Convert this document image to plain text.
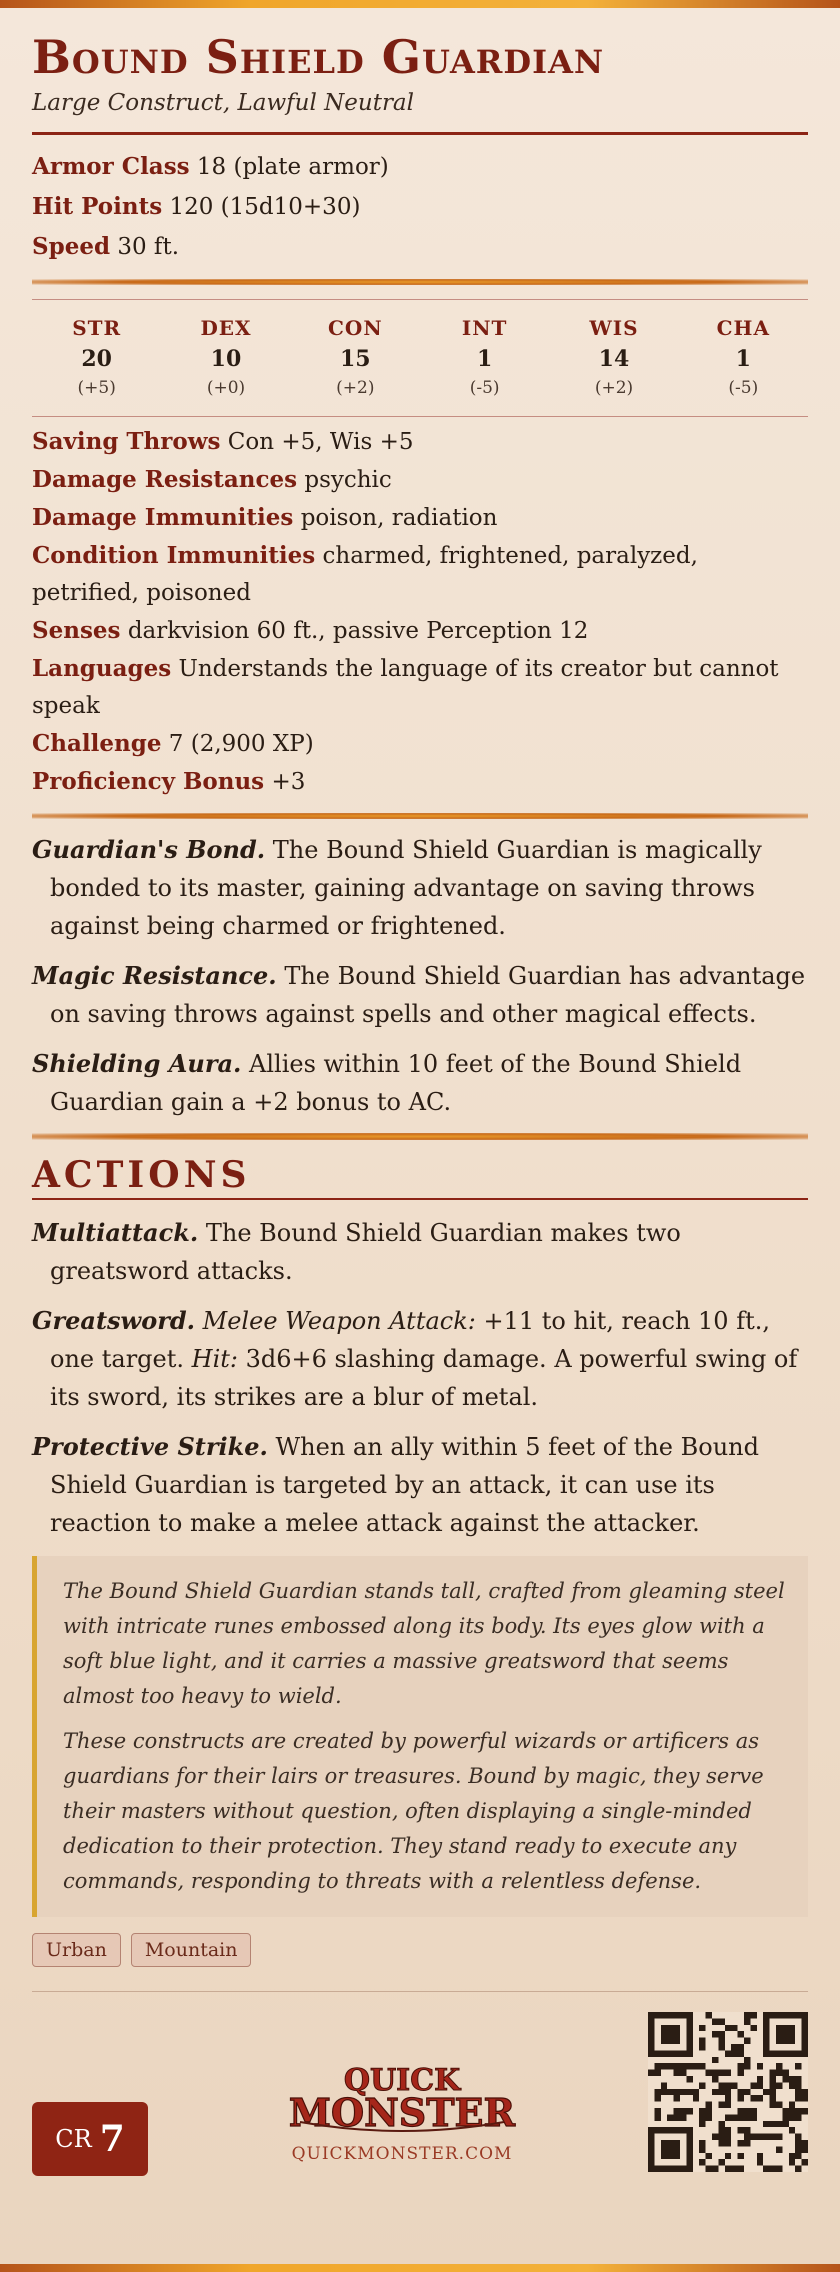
Bound Shield Guardian
Large Construct, Lawful Neutral
Armor Class 18 (plate armor)
Hit Points 120 (15d10+30)
Speed 30 ft.
STR
20
(+5)
DEX
10
(+0)
CON
15
(+2)
INT
1
(-5)
WIS
14
(+2)
CHA
1
(-5)
Saving Throws Con +5, Wis +5
Damage Resistances psychic
Damage Immunities poison, radiation
Condition Immunities charmed, frightened, paralyzed, petrified, poisoned
Senses darkvision 60 ft., passive Perception 12
Languages Understands the language of its creator but cannot speak
Challenge 7 (2,900 XP)
Proficiency Bonus +3
Guardian's Bond. The Bound Shield Guardian is magically bonded to its master, gaining advantage on saving throws against being charmed or frightened.
Magic Resistance. The Bound Shield Guardian has advantage on saving throws against spells and other magical effects.
Shielding Aura. Allies within 10 feet of the Bound Shield Guardian gain a +2 bonus to AC.
ACTIONS
Multiattack. The Bound Shield Guardian makes two greatsword attacks.
Greatsword. Melee Weapon Attack: +11 to hit, reach 10 ft., one target. Hit: 3d6+6 slashing damage. A powerful swing of its sword, its strikes are a blur of metal.
Protective Strike. When an ally within 5 feet of the Bound Shield Guardian is targeted by an attack, it can use its reaction to make a melee attack against the attacker.

The Bound Shield Guardian stands tall, crafted from gleaming steel with intricate runes embossed along its body. Its eyes glow with a soft blue light, and it carries a massive greatsword that seems almost too heavy to wield.

These constructs are created by powerful wizards or artificers as guardians for their lairs or treasures. Bound by magic, they serve their masters without question, often displaying a single-minded dedication to their protection. They stand ready to execute any commands, responding to threats with a relentless defense.

Urban	Mountain
CR 7
QUICK
MONSTER
QUICKMONSTER.COM
